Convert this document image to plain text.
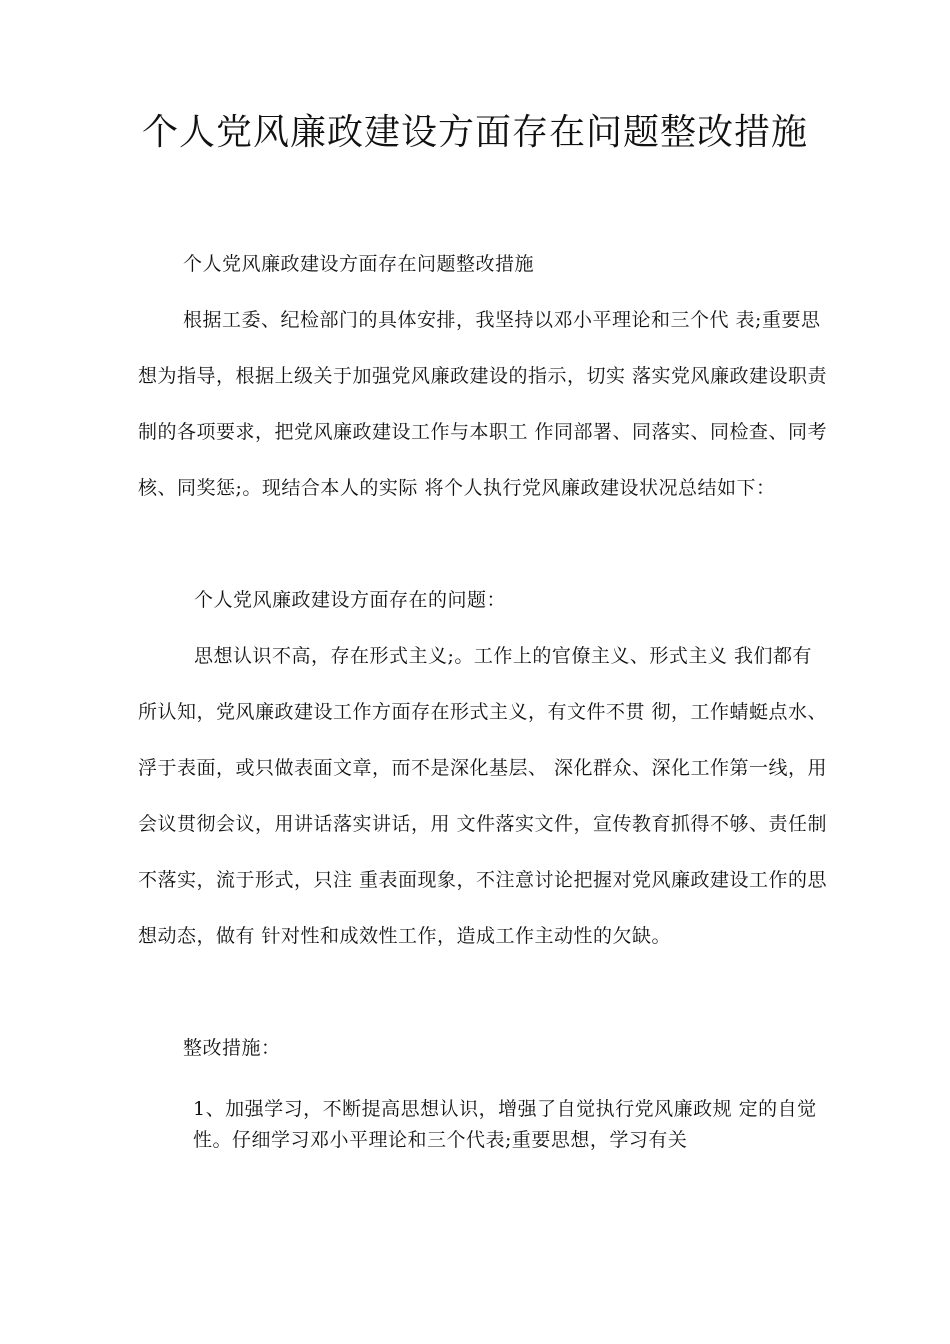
个人党风廉政建设方面存在问题整改措施
个人党风廉政建设方面存在问题整改措施

根据工委、纪检部门的具体安排，我坚持以邓小平理论和三个代 表;重要思想为指导，根据上级关于加强党风廉政建设的指示，切实 落实党风廉政建设职责制的各项要求，把党风廉政建设工作与本职工 作同部署、同落实、同检查、同考核、同奖惩;。现结合本人的实际 将个人执行党风廉政建设状况总结如下：

个人党风廉政建设方面存在的问题：

思想认识不高，存在形式主义;。工作上的官僚主义、形式主义 我们都有所认知，党风廉政建设工作方面存在形式主义，有文件不贯 彻，工作蜻蜓点水、浮于表面，或只做表面文章，而不是深化基层、 深化群众、深化工作第一线，用会议贯彻会议，用讲话落实讲话，用 文件落实文件，宣传教育抓得不够、责任制不落实，流于形式，只注 重表面现象，不注意讨论把握对党风廉政建设工作的思想动态，做有 针对性和成效性工作，造成工作主动性的欠缺。

整改措施：

1、加强学习，不断提高思想认识，增强了自觉执行党风廉政规 定的自觉性。仔细学习邓小平理论和三个代表;重要思想，学习有关
